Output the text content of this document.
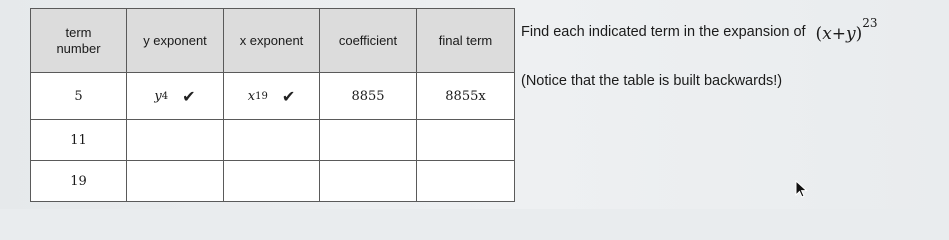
term number	y exponent	x exponent	coefficient	final term
5	y 4 ✔	x 19 ✔	8855	8855x
11				
19				
Find each indicated term in the expansion of $(x+y)^{23}$
(Notice that the table is built backwards!)
